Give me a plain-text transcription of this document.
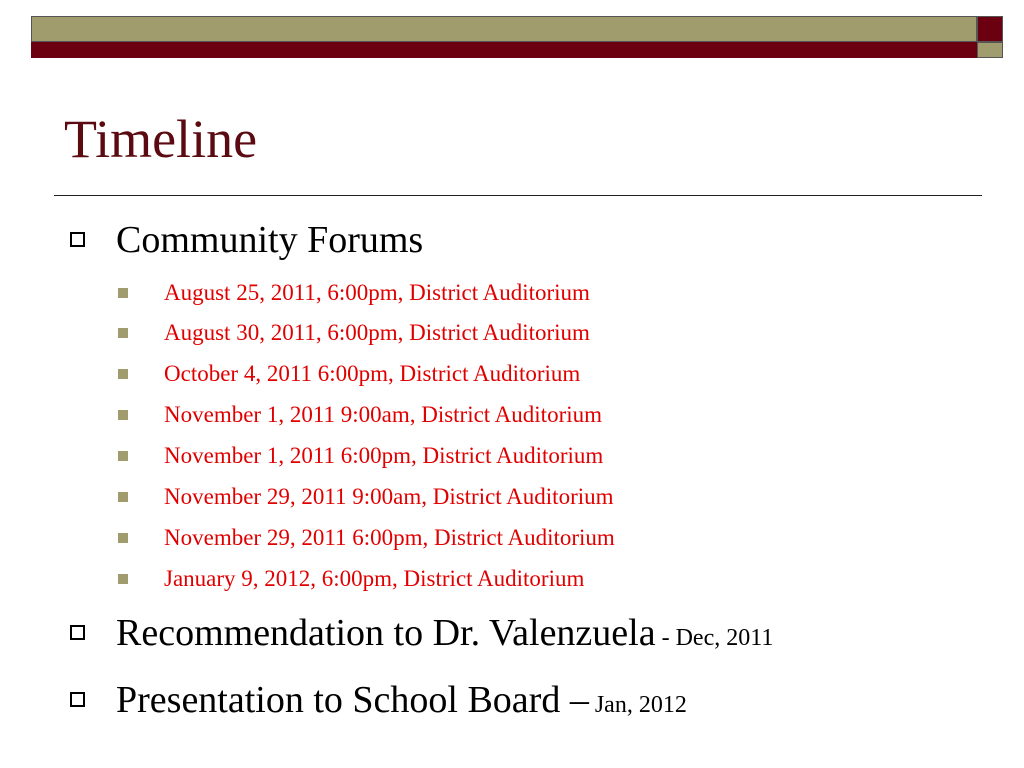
Timeline
Community Forums
August 25, 2011, 6:00pm, District Auditorium
August 30, 2011, 6:00pm, District Auditorium
October 4, 2011 6:00pm, District Auditorium
November 1, 2011 9:00am, District Auditorium
November 1, 2011 6:00pm, District Auditorium
November 29, 2011 9:00am, District Auditorium
November 29, 2011 6:00pm, District Auditorium
January 9, 2012, 6:00pm, District Auditorium
Recommendation to Dr. Valenzuela - Dec, 2011
Presentation to School Board – Jan, 2012
